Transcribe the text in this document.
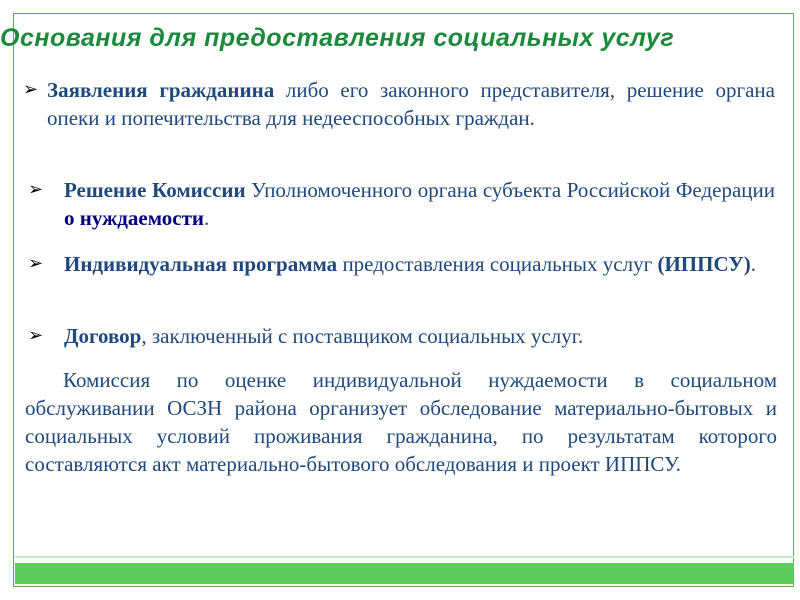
Основания для предоставления социальных услуг
➢ Заявления гражданина либо его законного представителя, решение органа опеки и попечительства для недееспособных граждан.
➢ Решение Комиссии Уполномоченного органа субъекта Российской Федерации о нуждаемости.
➢ Индивидуальная программа предоставления социальных услуг (ИППСУ).
➢ Договор, заключенный с поставщиком социальных услуг.

Комиссия по оценке индивидуальной нуждаемости в социальном обслуживании ОСЗН района организует обследование материально-бытовых и социальных условий проживания гражданина, по результатам которого составляются акт материально-бытового обследования и проект ИППСУ.
